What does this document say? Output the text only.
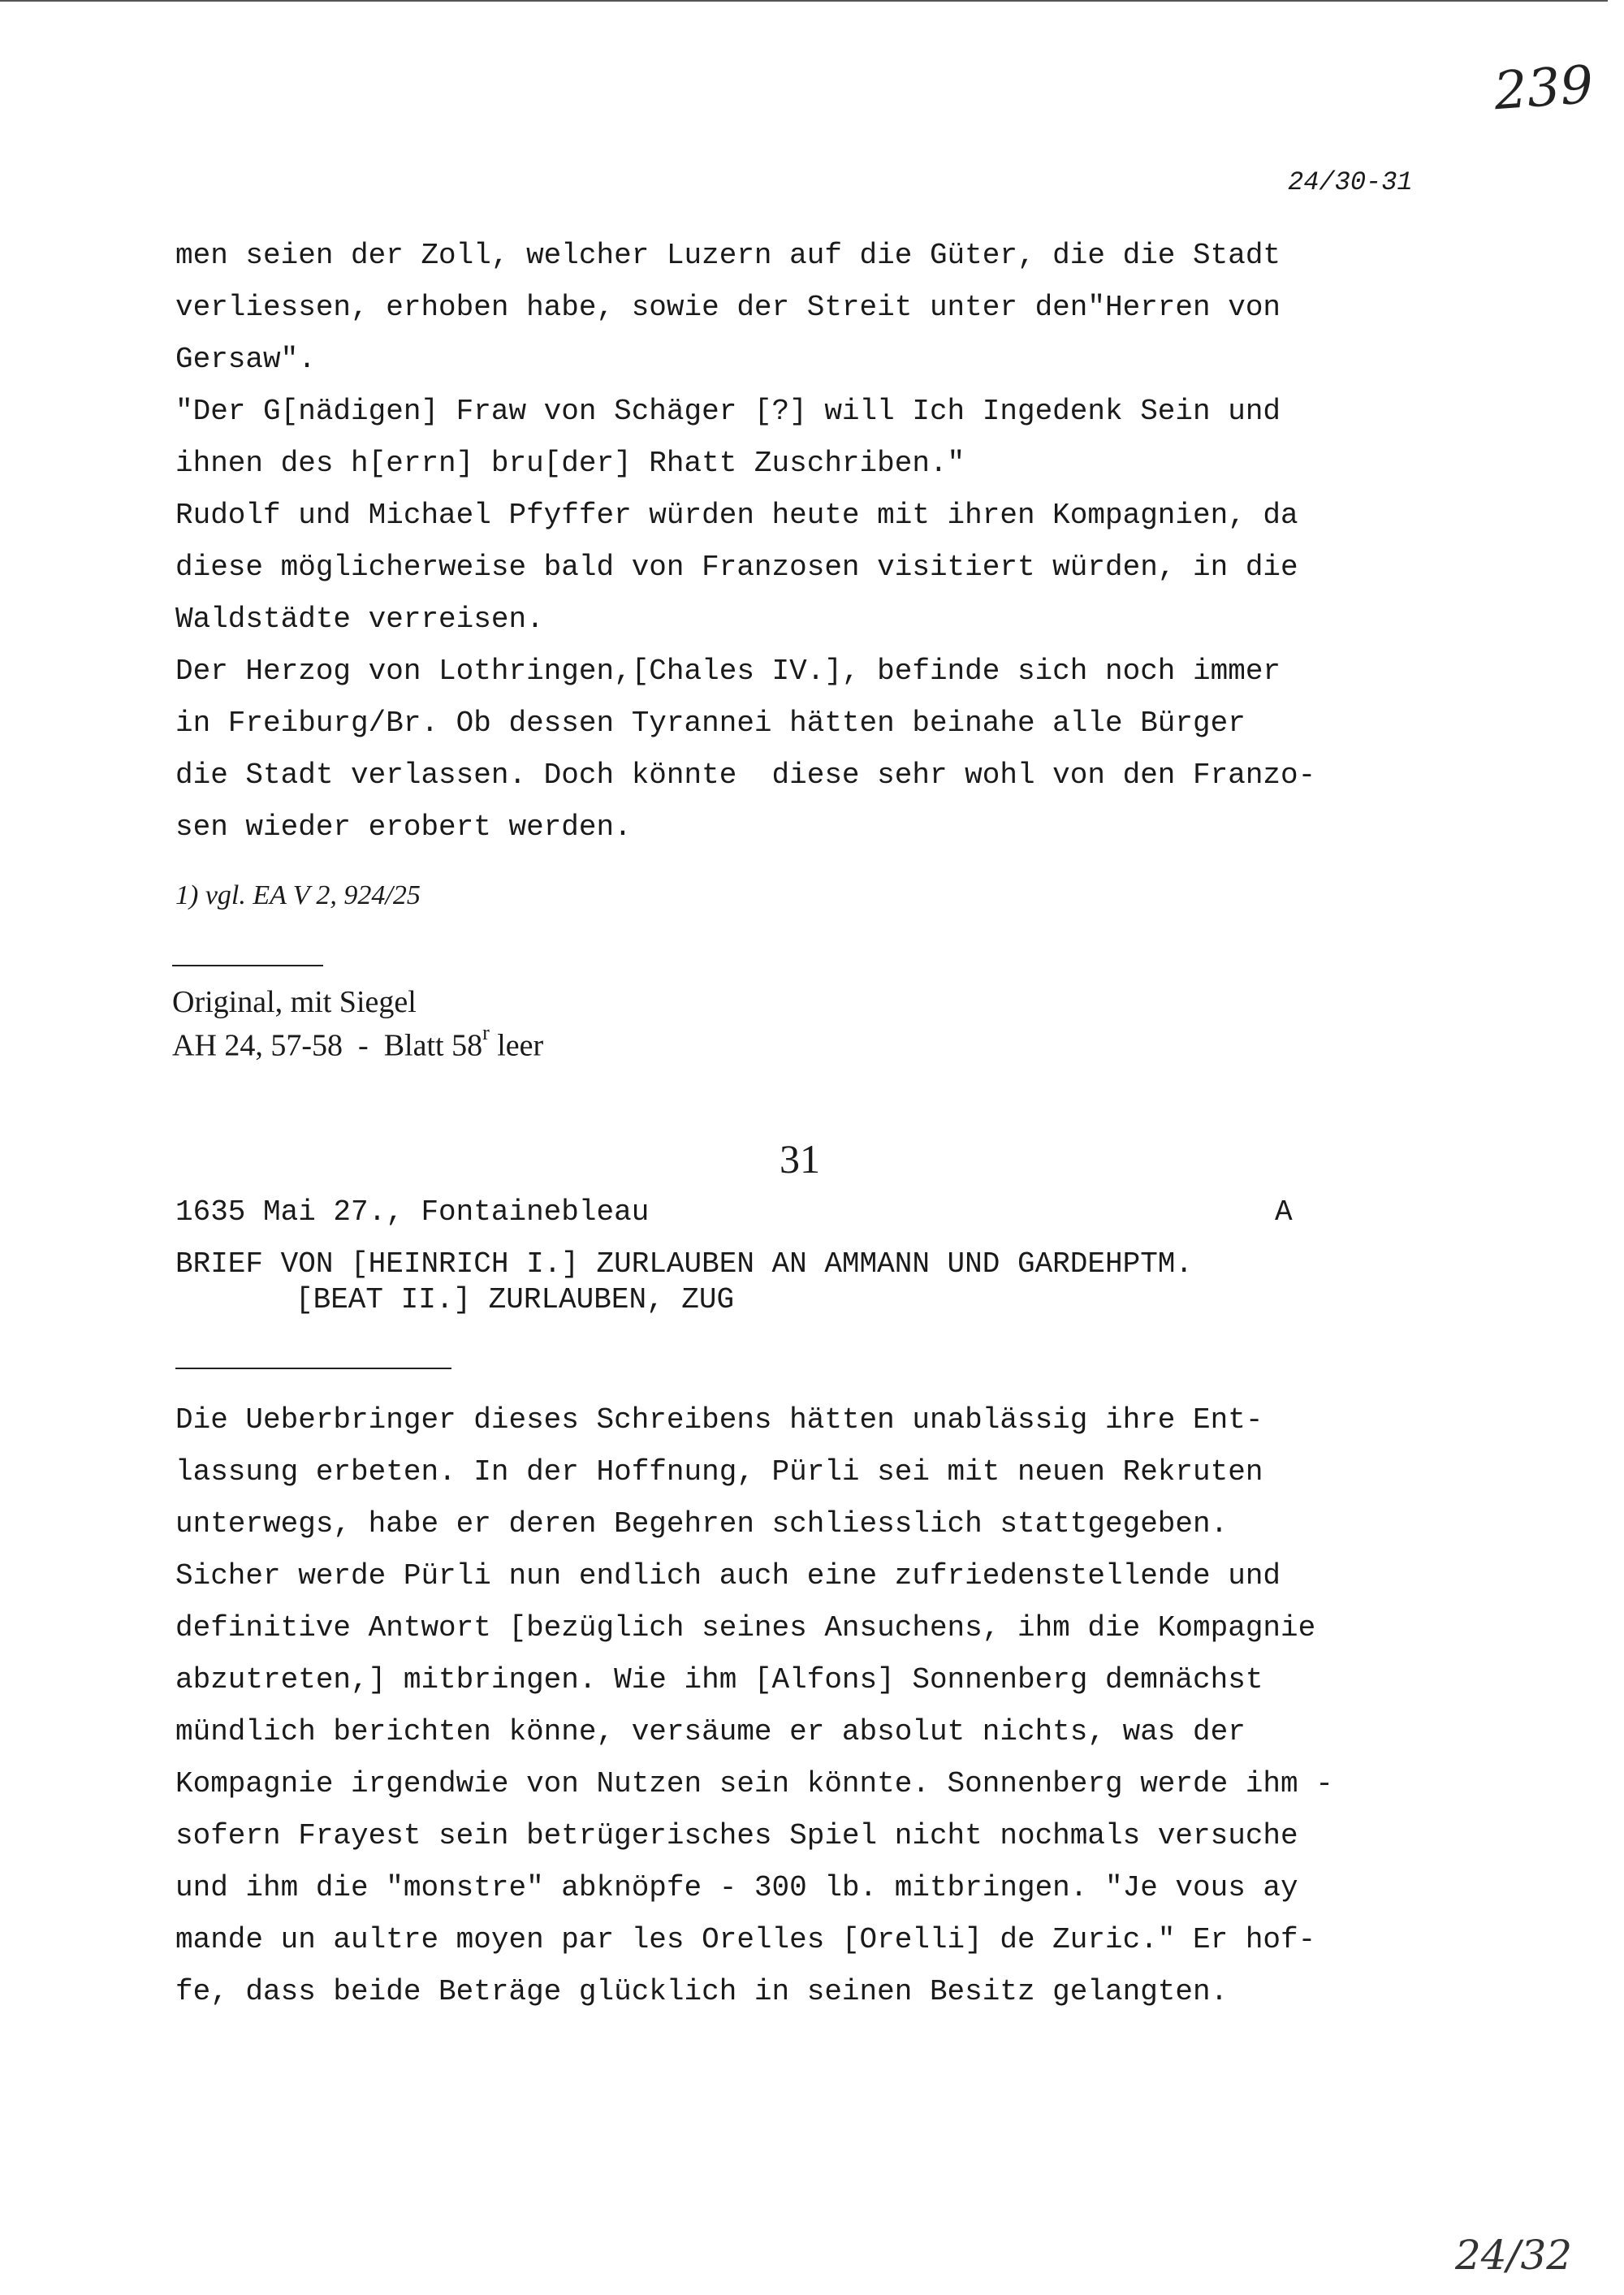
239
24/30-31
men seien der Zoll, welcher Luzern auf die Güter, die die Stadt
verliessen, erhoben habe, sowie der Streit unter den"Herren von
Gersaw".
"Der G[nädigen] Fraw von Schäger [?] will Ich Ingedenk Sein und
ihnen des h[errn] bru[der] Rhatt Zuschriben."
Rudolf und Michael Pfyffer würden heute mit ihren Kompagnien, da
diese möglicherweise bald von Franzosen visitiert würden, in die
Waldstädte verreisen.
Der Herzog von Lothringen,[Chales IV.], befinde sich noch immer
in Freiburg/Br. Ob dessen Tyrannei hätten beinahe alle Bürger
die Stadt verlassen. Doch könnte  diese sehr wohl von den Franzo-
sen wieder erobert werden.
1) vgl. EA V 2, 924/25
Original, mit Siegel
AH 24, 57-58  -  Blatt 58$^r$ leer
31
1635 Mai 27., Fontainebleau	A
BRIEF VON [HEINRICH I.] ZURLAUBEN AN AMMANN UND GARDEHPTM.
[BEAT II.] ZURLAUBEN, ZUG
Die Ueberbringer dieses Schreibens hätten unablässig ihre Ent-
lassung erbeten. In der Hoffnung, Pürli sei mit neuen Rekruten
unterwegs, habe er deren Begehren schliesslich stattgegeben.
Sicher werde Pürli nun endlich auch eine zufriedenstellende und
definitive Antwort [bezüglich seines Ansuchens, ihm die Kompagnie
abzutreten,] mitbringen. Wie ihm [Alfons] Sonnenberg demnächst
mündlich berichten könne, versäume er absolut nichts, was der
Kompagnie irgendwie von Nutzen sein könnte. Sonnenberg werde ihm -
sofern Frayest sein betrügerisches Spiel nicht nochmals versuche
und ihm die "monstre" abknöpfe - 300 lb. mitbringen. "Je vous ay
mande un aultre moyen par les Orelles [Orelli] de Zuric." Er hof-
fe, dass beide Beträge glücklich in seinen Besitz gelangten.
24/32
